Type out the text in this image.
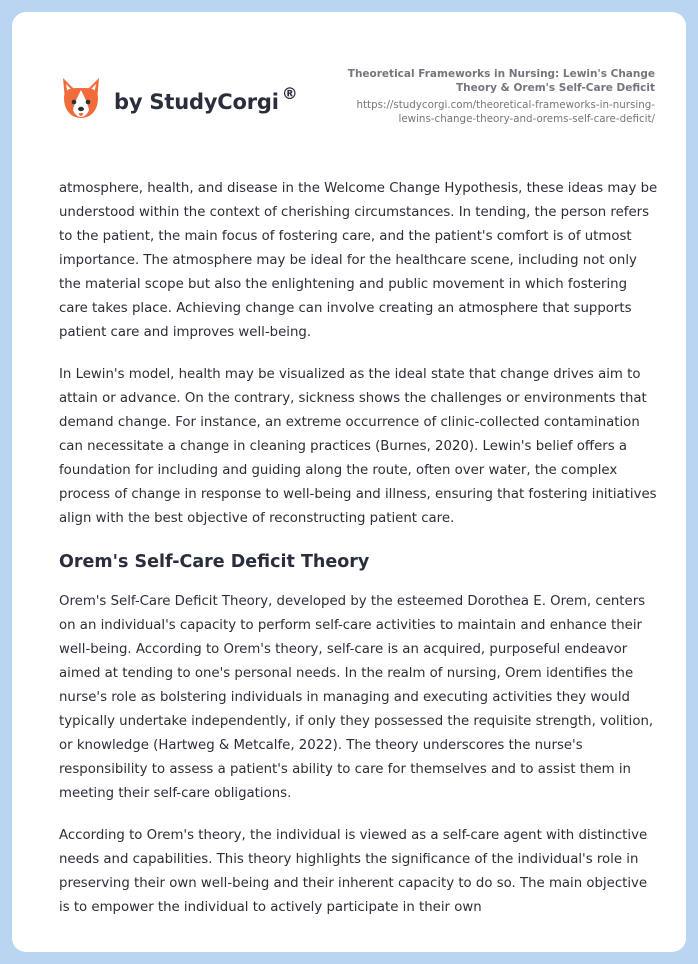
by StudyCorgi ®
Theoretical Frameworks in Nursing: Lewin's Change
Theory & Orem's Self-Care Deficit
https://studycorgi.com/theoretical-frameworks-in-nursing-
lewins-change-theory-and-orems-self-care-deficit/

atmosphere, health, and disease in the Welcome Change Hypothesis, these ideas may be understood within the context of cherishing circumstances. In tending, the person refers to the patient, the main focus of fostering care, and the patient's comfort is of utmost importance. The atmosphere may be ideal for the healthcare scene, including not only the material scope but also the enlightening and public movement in which fostering care takes place. Achieving change can involve creating an atmosphere that supports patient care and improves well-being.

In Lewin's model, health may be visualized as the ideal state that change drives aim to attain or advance. On the contrary, sickness shows the challenges or environments that demand change. For instance, an extreme occurrence of clinic-collected contamination can necessitate a change in cleaning practices (Burnes, 2020). Lewin's belief offers a foundation for including and guiding along the route, often over water, the complex process of change in response to well-being and illness, ensuring that fostering initiatives align with the best objective of reconstructing patient care.

Orem's Self-Care Deficit Theory

Orem's Self-Care Deficit Theory, developed by the esteemed Dorothea E. Orem, centers on an individual's capacity to perform self-care activities to maintain and enhance their well-being. According to Orem's theory, self-care is an acquired, purposeful endeavor aimed at tending to one's personal needs. In the realm of nursing, Orem identifies the nurse's role as bolstering individuals in managing and executing activities they would typically undertake independently, if only they possessed the requisite strength, volition, or knowledge (Hartweg & Metcalfe, 2022). The theory underscores the nurse's responsibility to assess a patient's ability to care for themselves and to assist them in meeting their self-care obligations.

According to Orem's theory, the individual is viewed as a self-care agent with distinctive needs and capabilities. This theory highlights the significance of the individual's role in preserving their own well-being and their inherent capacity to do so. The main objective is to empower the individual to actively participate in their own
